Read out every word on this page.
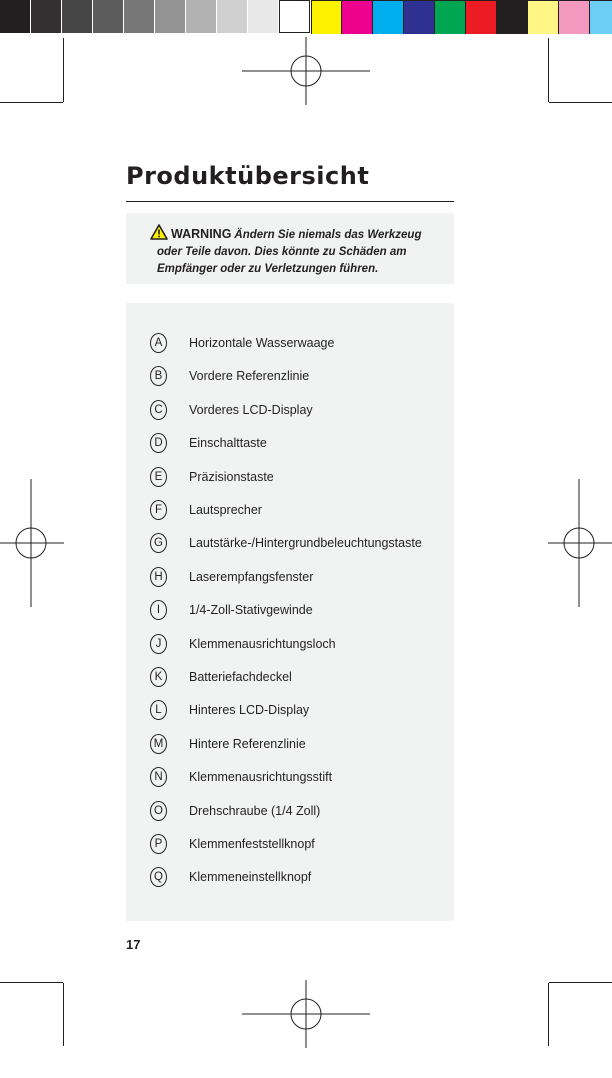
Produktübersicht
WARNING Ändern Sie niemals das Werkzeug oder Teile davon. Dies könnte zu Schäden am Empfänger oder zu Verletzungen führen.
A	Horizontale Wasserwaage
B	Vordere Referenzlinie
C	Vorderes LCD-Display
D	Einschalttaste
E	Präzisionstaste
F	Lautsprecher
G	Lautstärke-/Hintergrundbeleuchtungstaste
H	Laserempfangsfenster
I	1/4-Zoll-Stativgewinde
J	Klemmenausrichtungsloch
K	Batteriefachdeckel
L	Hinteres LCD-Display
M Hintere Referenzlinie
N	Klemmenausrichtungsstift
O	Drehschraube (1/4 Zoll)
P	Klemmenfeststellknopf
Q	Klemmeneinstellknopf
17
